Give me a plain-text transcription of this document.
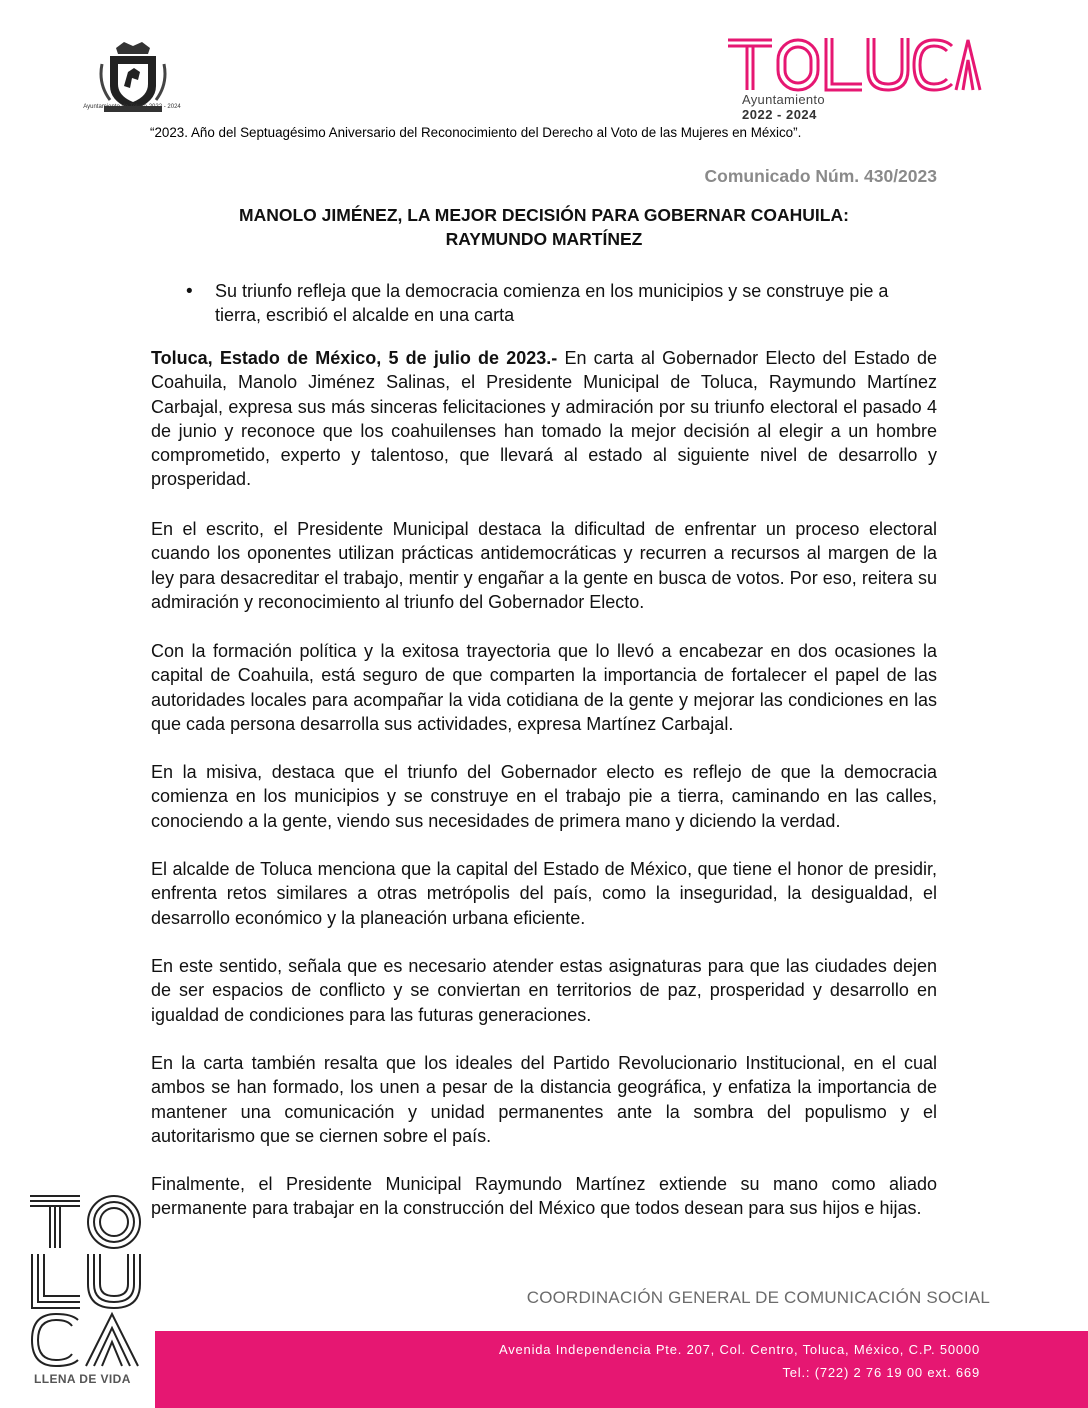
Ayuntamiento de Toluca 2022 - 2024	Ayuntamiento
2022 - 2024
“2023. Año del Septuagésimo Aniversario del Reconocimiento del Derecho al Voto de las Mujeres en México”.
Comunicado Núm. 430/2023
MANOLO JIMÉNEZ, LA MEJOR DECISIÓN PARA GOBERNAR COAHUILA:
RAYMUNDO MARTÍNEZ
• Su triunfo refleja que la democracia comienza en los municipios y se construye pie a tierra, escribió el alcalde en una carta

Toluca, Estado de México, 5 de julio de 2023.- En carta al Gobernador Electo del Estado de Coahuila, Manolo Jiménez Salinas, el Presidente Municipal de Toluca, Raymundo Martínez Carbajal, expresa sus más sinceras felicitaciones y admiración por su triunfo electoral el pasado 4 de junio y reconoce que los coahuilenses han tomado la mejor decisión al elegir a un hombre comprometido, experto y talentoso, que llevará al estado al siguiente nivel de desarrollo y prosperidad.

En el escrito, el Presidente Municipal destaca la dificultad de enfrentar un proceso electoral cuando los oponentes utilizan prácticas antidemocráticas y recurren a recursos al margen de la ley para desacreditar el trabajo, mentir y engañar a la gente en busca de votos. Por eso, reitera su admiración y reconocimiento al triunfo del Gobernador Electo.

Con la formación política y la exitosa trayectoria que lo llevó a encabezar en dos ocasiones la capital de Coahuila, está seguro de que comparten la importancia de fortalecer el papel de las autoridades locales para acompañar la vida cotidiana de la gente y mejorar las condiciones en las que cada persona desarrolla sus actividades, expresa Martínez Carbajal.

En la misiva, destaca que el triunfo del Gobernador electo es reflejo de que la democracia comienza en los municipios y se construye en el trabajo pie a tierra, caminando en las calles, conociendo a la gente, viendo sus necesidades de primera mano y diciendo la verdad.

El alcalde de Toluca menciona que la capital del Estado de México, que tiene el honor de presidir, enfrenta retos similares a otras metrópolis del país, como la inseguridad, la desigualdad, el desarrollo económico y la planeación urbana eficiente.

En este sentido, señala que es necesario atender estas asignaturas para que las ciudades dejen de ser espacios de conflicto y se conviertan en territorios de paz, prosperidad y desarrollo en igualdad de condiciones para las futuras generaciones.

En la carta también resalta que los ideales del Partido Revolucionario Institucional, en el cual ambos se han formado, los unen a pesar de la distancia geográfica, y enfatiza la importancia de mantener una comunicación y unidad permanentes ante la sombra del populismo y el autoritarismo que se ciernen sobre el país.

Finalmente, el Presidente Municipal Raymundo Martínez extiende su mano como aliado permanente para trabajar en la construcción del México que todos desean para sus hijos e hijas.

LLENA DE VIDA
COORDINACIÓN GENERAL DE COMUNICACIÓN SOCIAL
Avenida Independencia Pte. 207, Col. Centro, Toluca, México, C.P. 50000
Tel.: (722) 2 76 19 00 ext. 669
